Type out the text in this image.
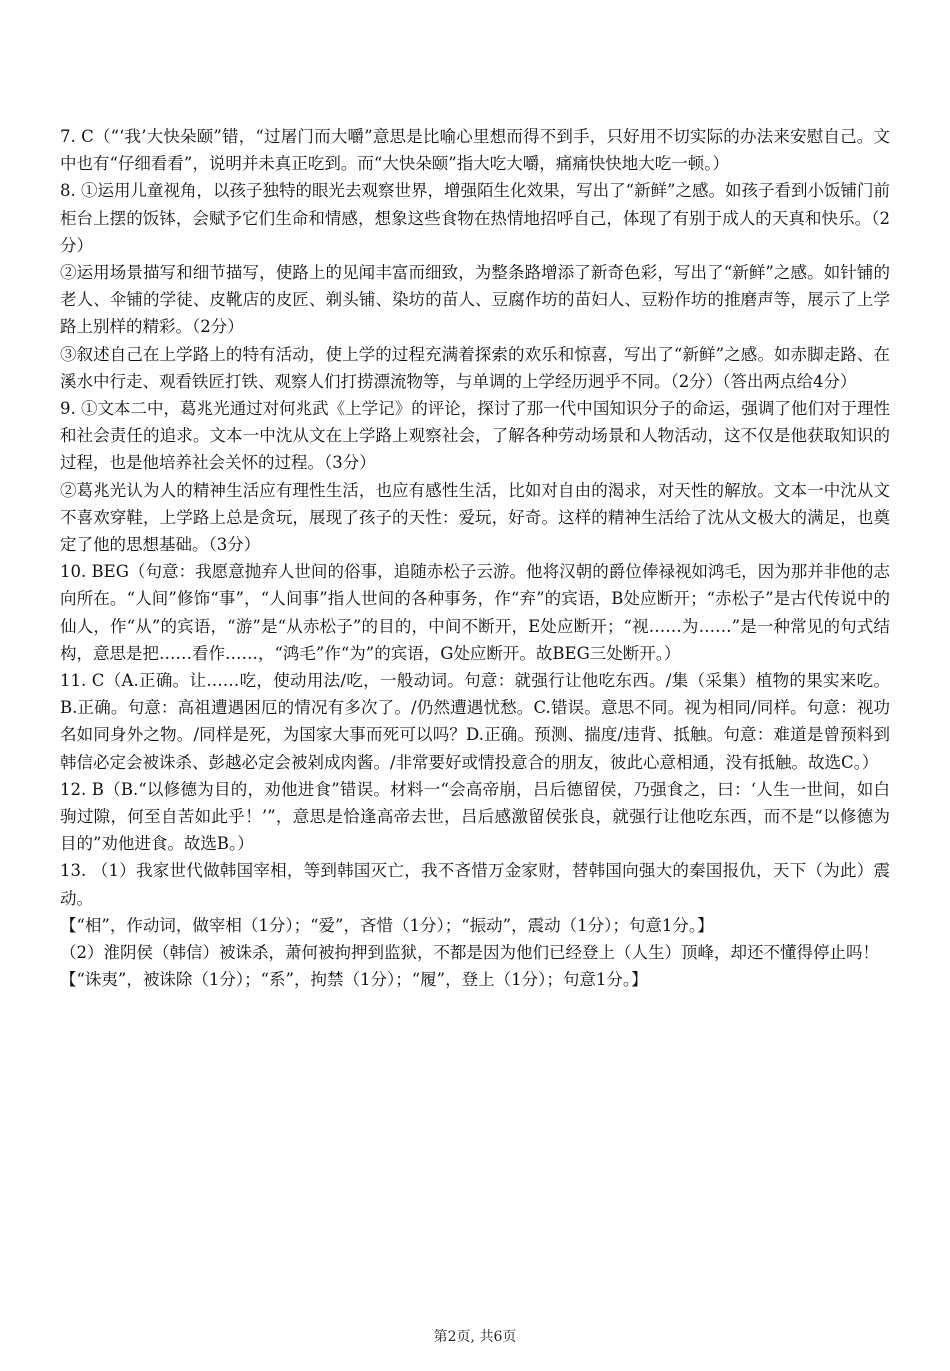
7. C（“‘我’大快朵颐”错，“过屠门而大嚼”意思是比喻心里想而得不到手，只好用不切实际的办法来安慰自己。文中也有“仔细看看”，说明并未真正吃到。而“大快朵颐”指大吃大嚼，痛痛快快地大吃一顿。）

8. ①运用儿童视角，以孩子独特的眼光去观察世界，增强陌生化效果，写出了“新鲜”之感。如孩子看到小饭铺门前柜台上摆的饭钵，会赋予它们生命和情感，想象这些食物在热情地招呼自己，体现了有别于成人的天真和快乐。（2分）

②运用场景描写和细节描写，使路上的见闻丰富而细致，为整条路增添了新奇色彩，写出了“新鲜”之感。如针铺的老人、伞铺的学徒、皮靴店的皮匠、剃头铺、染坊的苗人、豆腐作坊的苗妇人、豆粉作坊的推磨声等，展示了上学路上别样的精彩。（2分）

③叙述自己在上学路上的特有活动，使上学的过程充满着探索的欢乐和惊喜，写出了“新鲜”之感。如赤脚走路、在溪水中行走、观看铁匠打铁、观察人们打捞漂流物等，与单调的上学经历迥乎不同。（2分）（答出两点给4分）

9. ①文本二中，葛兆光通过对何兆武《上学记》的评论，探讨了那一代中国知识分子的命运，强调了他们对于理性和社会责任的追求。文本一中沈从文在上学路上观察社会，了解各种劳动场景和人物活动，这不仅是他获取知识的过程，也是他培养社会关怀的过程。（3分）

②葛兆光认为人的精神生活应有理性生活，也应有感性生活，比如对自由的渴求，对天性的解放。文本一中沈从文不喜欢穿鞋，上学路上总是贪玩，展现了孩子的天性：爱玩，好奇。这样的精神生活给了沈从文极大的满足，也奠定了他的思想基础。（3分）

10. BEG（句意：我愿意抛弃人世间的俗事，追随赤松子云游。他将汉朝的爵位俸禄视如鸿毛，因为那并非他的志向所在。“人间”修饰“事”，“人间事”指人世间的各种事务，作“弃”的宾语，B处应断开；“赤松子”是古代传说中的仙人，作“从”的宾语，“游”是“从赤松子”的目的，中间不断开，E处应断开；“视……为……”是一种常见的句式结构，意思是把……看作……，“鸿毛”作“为”的宾语，G处应断开。故BEG三处断开。）

11. C（A.正确。让……吃，使动用法/吃，一般动词。句意：就强行让他吃东西。/集（采集）植物的果实来吃。B.正确。句意：高祖遭遇困厄的情况有多次了。/仍然遭遇忧愁。C.错误。意思不同。视为相同/同样。句意：视功名如同身外之物。/同样是死，为国家大事而死可以吗？D.正确。预测、揣度/违背、抵触。句意：难道是曾预料到韩信必定会被诛杀、彭越必定会被剁成肉酱。/非常要好或情投意合的朋友，彼此心意相通，没有抵触。故选C。）

12. B（B.“以修德为目的，劝他进食”错误。材料一“会高帝崩，吕后德留侯，乃强食之，曰：‘人生一世间，如白驹过隙，何至自苦如此乎！’”，意思是恰逢高帝去世，吕后感激留侯张良，就强行让他吃东西，而不是“以修德为目的”劝他进食。故选B。）

13. （1）我家世代做韩国宰相，等到韩国灭亡，我不吝惜万金家财，替韩国向强大的秦国报仇，天下（为此）震动。

【“相”，作动词，做宰相（1分）；“爱”，吝惜（1分）；“振动”，震动（1分）；句意1分。】

（2）淮阴侯（韩信）被诛杀，萧何被拘押到监狱，不都是因为他们已经登上（人生）顶峰，却还不懂得停止吗！

【“诛夷”，被诛除（1分）；“系”，拘禁（1分）；“履”，登上（1分）；句意1分。】

第2页, 共6页
